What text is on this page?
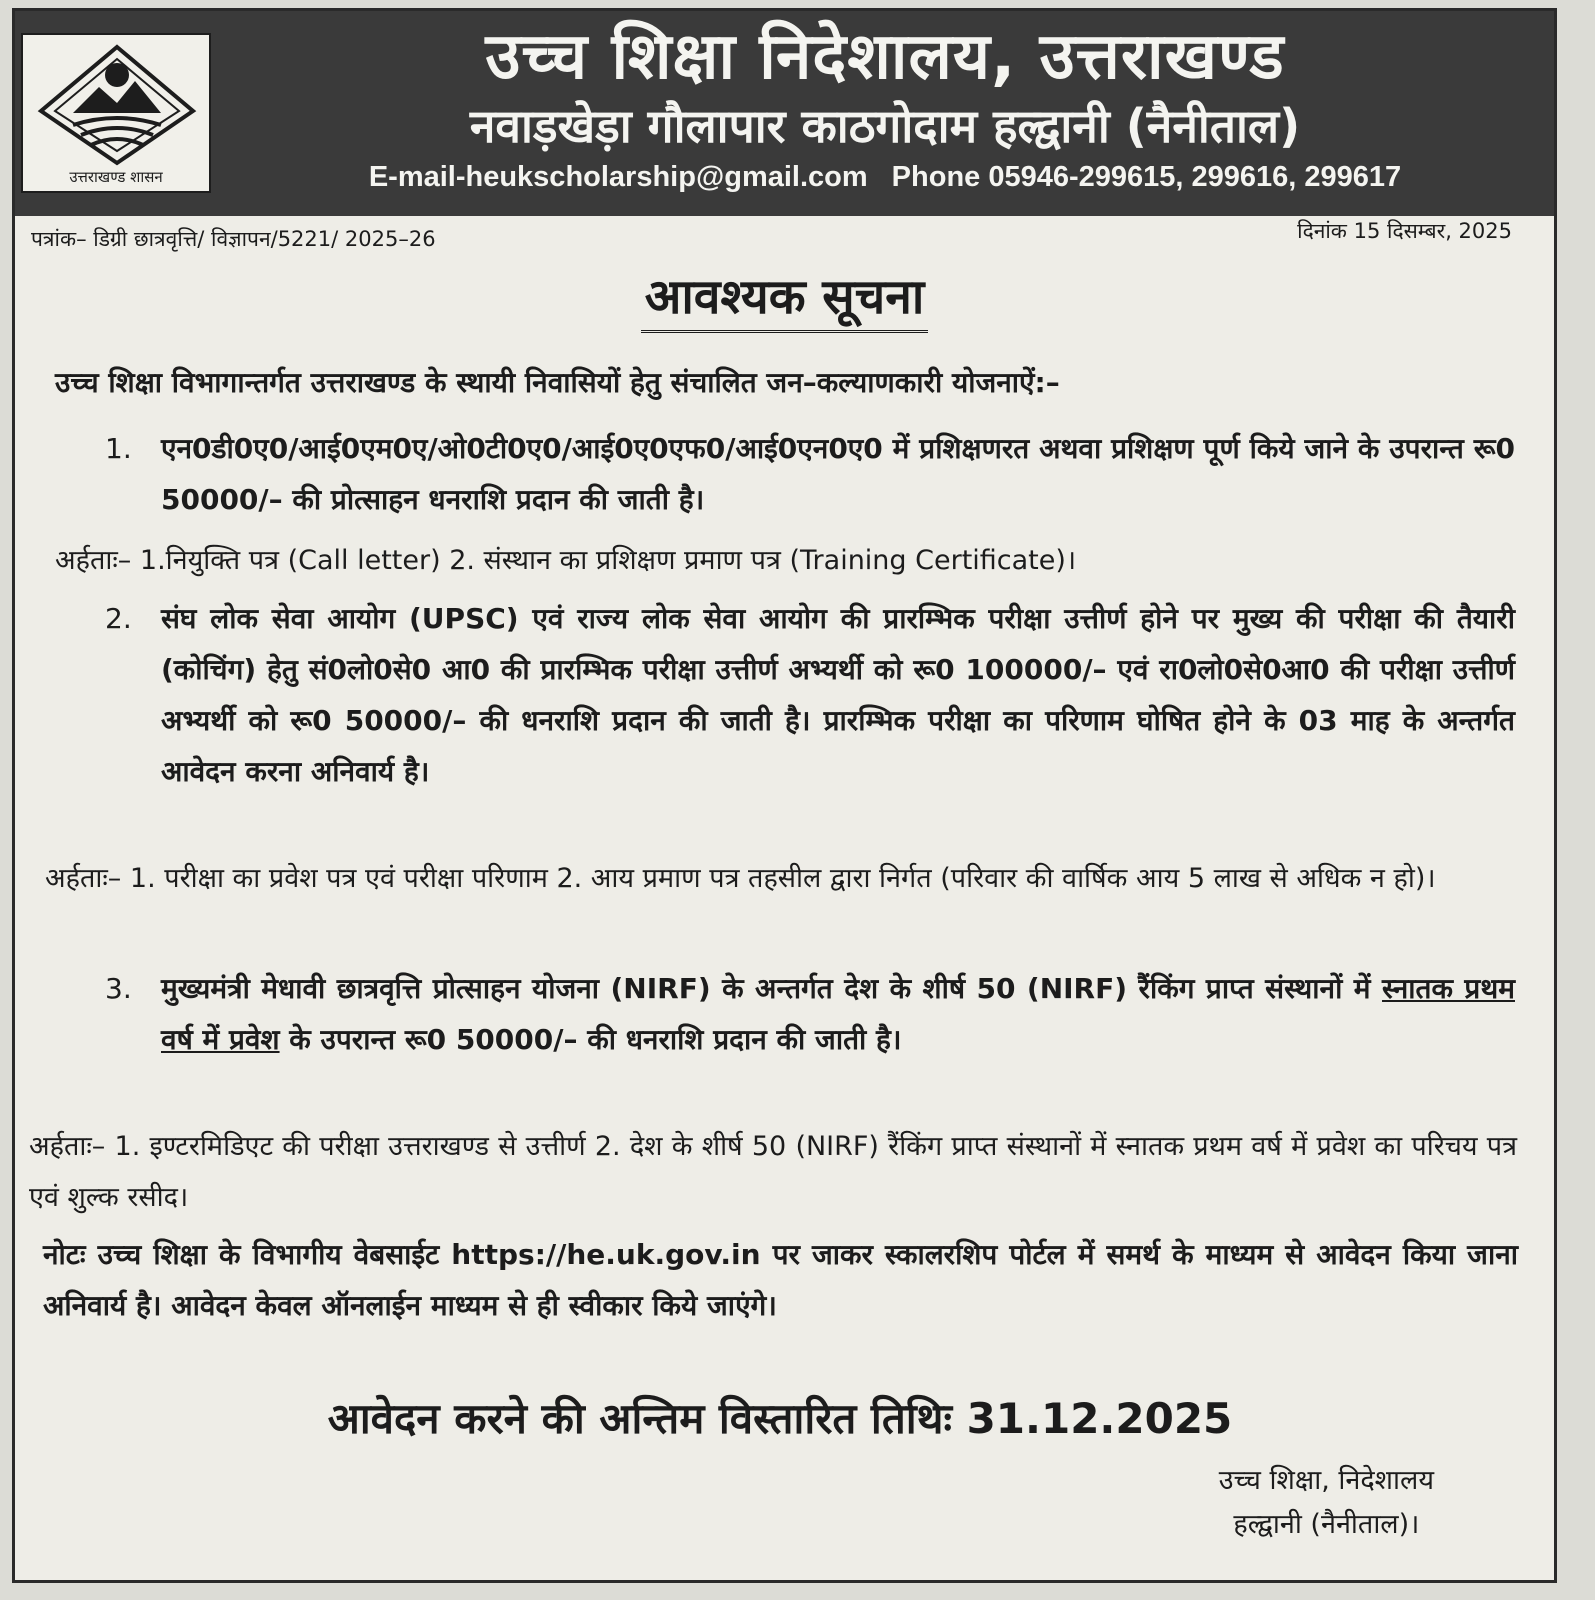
उत्तराखण्ड शासन
उच्च शिक्षा निदेशालय, उत्तराखण्ड
नवाड़खेड़ा गौलापार काठगोदाम हल्द्वानी (नैनीताल)
E-mail-heukscholarship@gmail.com Phone 05946-299615, 299616, 299617
पत्रांक– डिग्री छात्रवृत्ति/ विज्ञापन/5221/ 2025–26	दिनांक 15 दिसम्बर, 2025
आवश्यक सूचना
उच्च शिक्षा विभागान्तर्गत उत्तराखण्ड के स्थायी निवासियों हेतु संचालित जन–कल्याणकारी योजनाऐं:–
1.	एन0डी0ए0/आई0एम0ए/ओ0टी0ए0/आई0ए0एफ0/आई0एन0ए0 में प्रशिक्षणरत अथवा प्रशिक्षण पूर्ण किये जाने के उपरान्त रू0 50000/– की प्रोत्साहन धनराशि प्रदान की जाती है।
अर्हताः– 1.नियुक्ति पत्र (Call letter) 2. संस्थान का प्रशिक्षण प्रमाण पत्र (Training Certificate)।
2.	संघ लोक सेवा आयोग (UPSC) एवं राज्य लोक सेवा आयोग की प्रारम्भिक परीक्षा उत्तीर्ण होने पर मुख्य की परीक्षा की तैयारी (कोचिंग) हेतु सं0लो0से0 आ0 की प्रारम्भिक परीक्षा उत्तीर्ण अभ्यर्थी को रू0 100000/– एवं रा0लो0से0आ0 की परीक्षा उत्तीर्ण अभ्यर्थी को रू0 50000/– की धनराशि प्रदान की जाती है। प्रारम्भिक परीक्षा का परिणाम घोषित होने के 03 माह के अन्तर्गत आवेदन करना अनिवार्य है।
अर्हताः– 1. परीक्षा का प्रवेश पत्र एवं परीक्षा परिणाम 2. आय प्रमाण पत्र तहसील द्वारा निर्गत (परिवार की वार्षिक आय 5 लाख से अधिक न हो)।
3.	मुख्यमंत्री मेधावी छात्रवृत्ति प्रोत्साहन योजना (NIRF) के अन्तर्गत देश के शीर्ष 50 (NIRF) रैंकिंग प्राप्त संस्थानों में स्नातक प्रथम वर्ष में प्रवेश के उपरान्त रू0 50000/– की धनराशि प्रदान की जाती है।
अर्हताः– 1. इण्टरमिडिएट की परीक्षा उत्तराखण्ड से उत्तीर्ण 2. देश के शीर्ष 50 (NIRF) रैंकिंग प्राप्त संस्थानों में स्नातक प्रथम वर्ष में प्रवेश का परिचय पत्र एवं शुल्क रसीद।
नोटः उच्च शिक्षा के विभागीय वेबसाईट https://he.uk.gov.in पर जाकर स्कालरशिप पोर्टल में समर्थ के माध्यम से आवेदन किया जाना अनिवार्य है। आवेदन केवल ऑनलाईन माध्यम से ही स्वीकार किये जाएंगे।
आवेदन करने की अन्तिम विस्तारित तिथिः 31.12.2025
उच्च शिक्षा, निदेशालय
हल्द्वानी (नैनीताल)।
